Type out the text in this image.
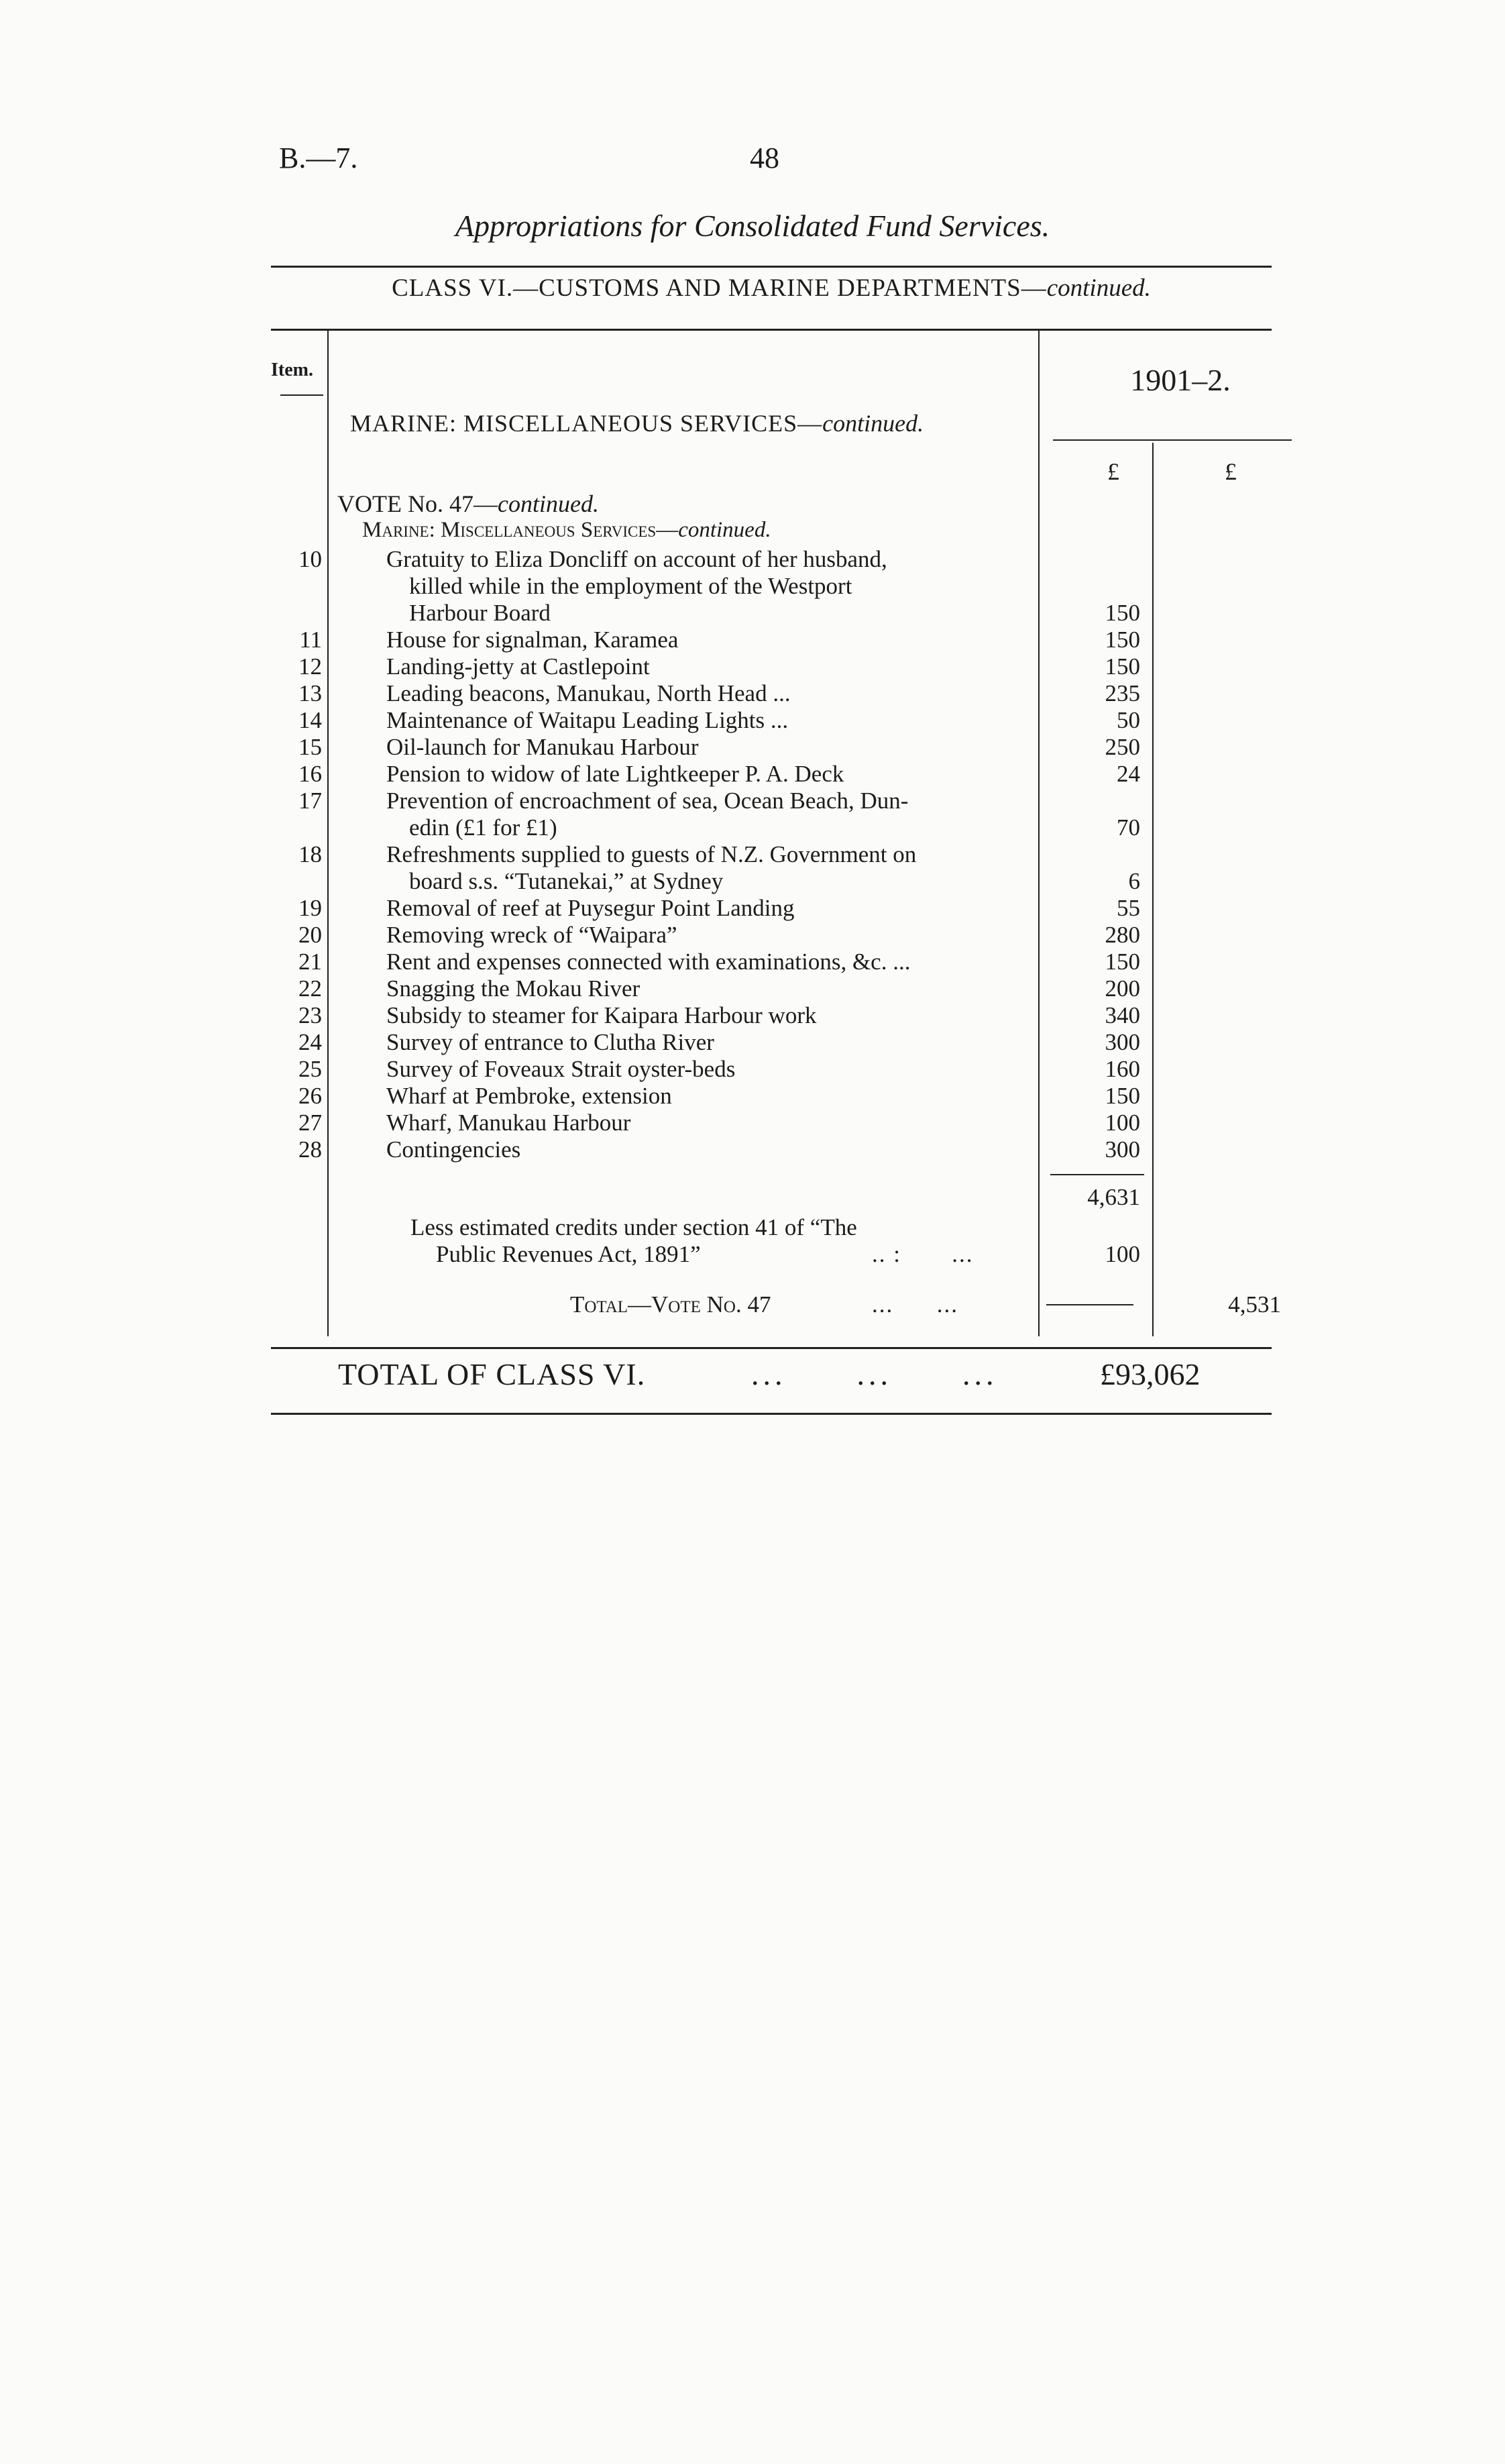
B.—7.	48
Appropriations for Consolidated Fund Services.
CLASS VI.—CUSTOMS AND MARINE DEPARTMENTS—continued.
Item.
MARINE: MISCELLANEOUS SERVICES—continued.
1901–2.
£	£
VOTE No. 47—continued.
Marine: Miscellaneous Services—continued.
10	Gratuity to Eliza Doncliff on account of her husband,
killed while in the employment of the Westport
Harbour Board	150
11	House for signalman, Karamea	150
12	Landing-jetty at Castlepoint	150
13	Leading beacons, Manukau, North Head ...	235
14	Maintenance of Waitapu Leading Lights ...	50
15	Oil-launch for Manukau Harbour	250
16	Pension to widow of late Lightkeeper P. A. Deck	24
17	Prevention of encroachment of sea, Ocean Beach, Dun-
edin (£1 for £1)	70
18	Refreshments supplied to guests of N.Z. Government on
board s.s. “Tutanekai,” at Sydney	6
19	Removal of reef at Puysegur Point Landing	55
20	Removing wreck of “Waipara”	280
21	Rent and expenses connected with examinations, &c. ...	150
22	Snagging the Mokau River	200
23	Subsidy to steamer for Kaipara Harbour work	340
24	Survey of entrance to Clutha River	300
25	Survey of Foveaux Strait oyster-beds	160
26	Wharf at Pembroke, extension	150
27	Wharf, Manukau Harbour	100
28	Contingencies	300
4,631
Less estimated credits under section 41 of “The
Public Revenues Act, 1891”	.. :       ...	100
Total—Vote No. 47	...      ...	4,531
TOTAL OF CLASS VI.	...      ...      ...	£93,062
